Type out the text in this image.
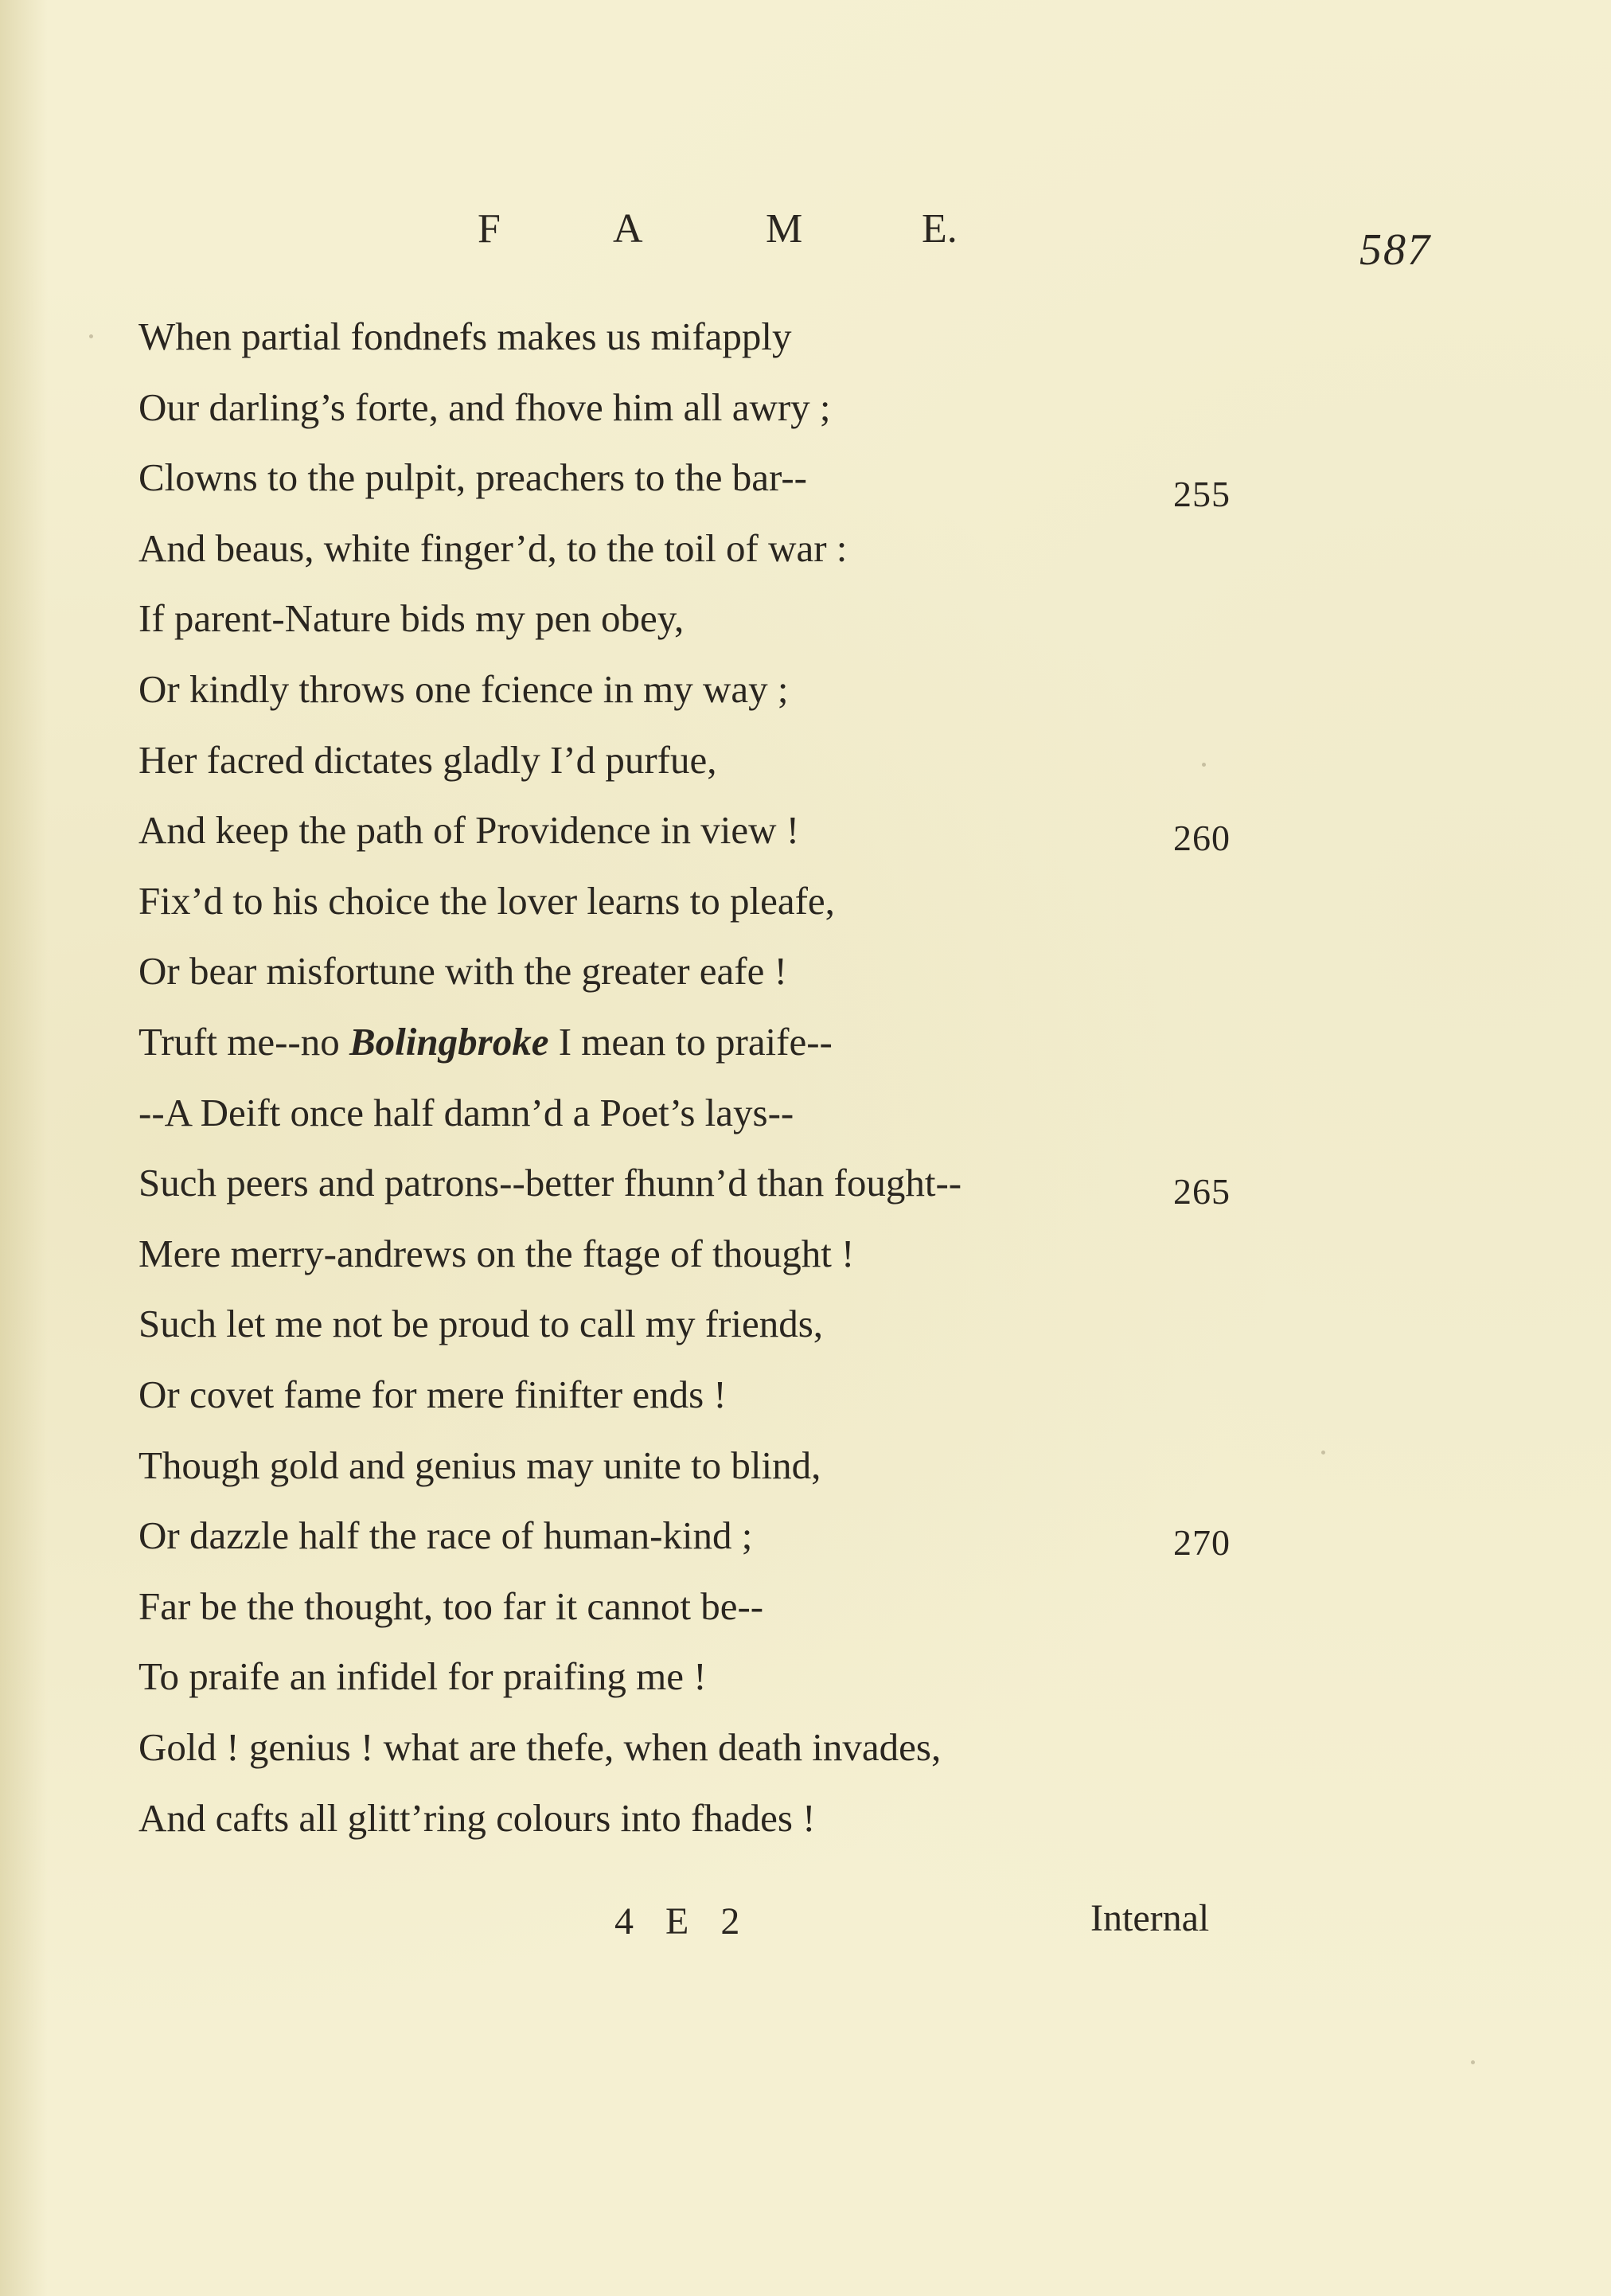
F	A	M	E.	587
When partial fondnefs makes us mifapply
Our darling’s forte, and fhove him all awry ;
Clowns to the pulpit, preachers to the bar--	255
And beaus, white finger’d, to the toil of war :
If parent-Nature bids my pen obey,
Or kindly throws one fcience in my way ;
Her facred dictates gladly I’d purfue,
And keep the path of Providence in view !	260
Fix’d to his choice the lover learns to pleafe,
Or bear misfortune with the greater eafe !
Truft me--no Bolingbroke I mean to praife--
--A Deift once half damn’d a Poet’s lays--
Such peers and patrons--better fhunn’d than fought--	265
Mere merry-andrews on the ftage of thought !
Such let me not be proud to call my friends,
Or covet fame for mere finifter ends !
Though gold and genius may unite to blind,
Or dazzle half the race of human-kind ;	270
Far be the thought, too far it cannot be--
To praife an infidel for praifing me !
Gold ! genius ! what are thefe, when death invades,
And cafts all glitt’ring colours into fhades !
4 E 2	Internal
